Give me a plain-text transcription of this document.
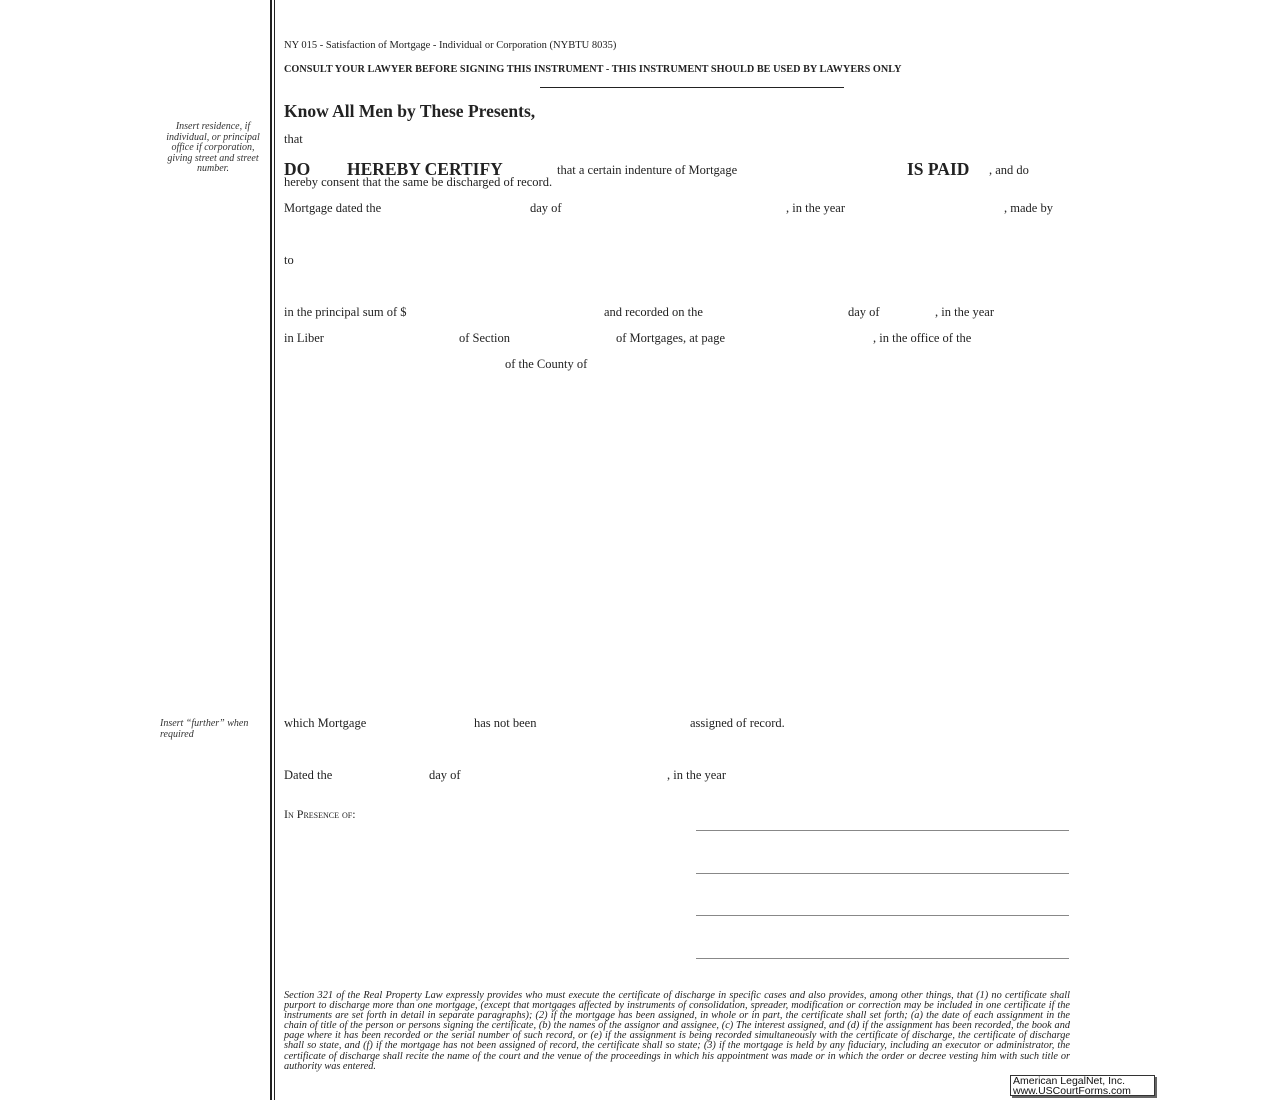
NY 015 - Satisfaction of Mortgage - Individual or Corporation (NYBTU 8035)
CONSULT YOUR LAWYER BEFORE SIGNING THIS INSTRUMENT - THIS INSTRUMENT SHOULD BE USED BY LAWYERS ONLY
Know All Men by These Presents,
Insert residence, if individual, or principal office if corporation, giving street and street number.
that
DO HEREBY CERTIFY	that a certain indenture of Mortgage	IS PAID , and do
hereby consent that the same be discharged of record.
Mortgage dated the	day of	, in the year	, made by
to
in the principal sum of $	and recorded on the	day of	, in the year
in Liber	of Section	of Mortgages, at page	, in the office of the
of the County of
Insert “further” when required
which Mortgage	has not been	assigned of record.
Dated the	day of	, in the year
In Presence of:
Section 321 of the Real Property Law expressly provides who must execute the certificate of discharge in specific cases and also provides, among other things, that (1) no certificate shall purport to discharge more than one mortgage, (except that mortgages affected by instruments of consolidation, spreader, modification or correction may be included in one certificate if the instruments are set forth in detail in separate paragraphs); (2) if the mortgage has been assigned, in whole or in part, the certificate shall set forth; (a) the date of each assignment in the chain of title of the person or persons signing the certificate, (b) the names of the assignor and assignee, (c) The interest assigned, and (d) if the assignment has been recorded, the book and page where it has been recorded or the serial number of such record, or (e) if the assignment is being recorded simultaneously with the certificate of discharge, the certificate of discharge shall so state, and (f) if the mortgage has not been assigned of record, the certificate shall so state; (3) if the mortgage is held by any fiduciary, including an executor or administrator, the certificate of discharge shall recite the name of the court and the venue of the proceedings in which his appointment was made or in which the order or decree vesting him with such title or authority was entered.
American LegalNet, Inc.
www.USCourtForms.com
